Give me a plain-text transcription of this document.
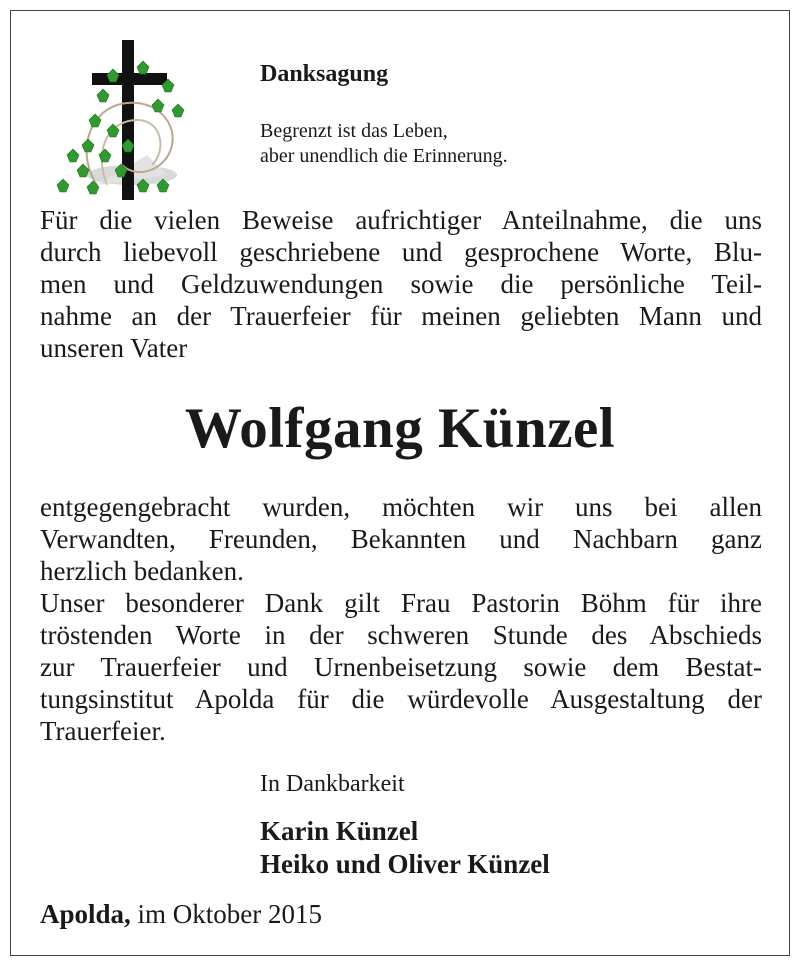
Danksagung
Begrenzt ist das Leben,
aber unendlich die Erinnerung.
Für die vielen Beweise aufrichtiger Anteilnahme, die uns
durch liebevoll geschriebene und gesprochene Worte, Blu-
men und Geldzuwendungen sowie die persönliche Teil-
nahme an der Trauerfeier für meinen geliebten Mann und
unseren Vater
Wolfgang Künzel
entgegengebracht wurden, möchten wir uns bei allen
Verwandten, Freunden, Bekannten und Nachbarn ganz
herzlich bedanken.
Unser besonderer Dank gilt Frau Pastorin Böhm für ihre
tröstenden Worte in der schweren Stunde des Abschieds
zur Trauerfeier und Urnenbeisetzung sowie dem Bestat-
tungsinstitut Apolda für die würdevolle Ausgestaltung der
Trauerfeier.
In Dankbarkeit
Karin Künzel
Heiko und Oliver Künzel
Apolda, im Oktober 2015
